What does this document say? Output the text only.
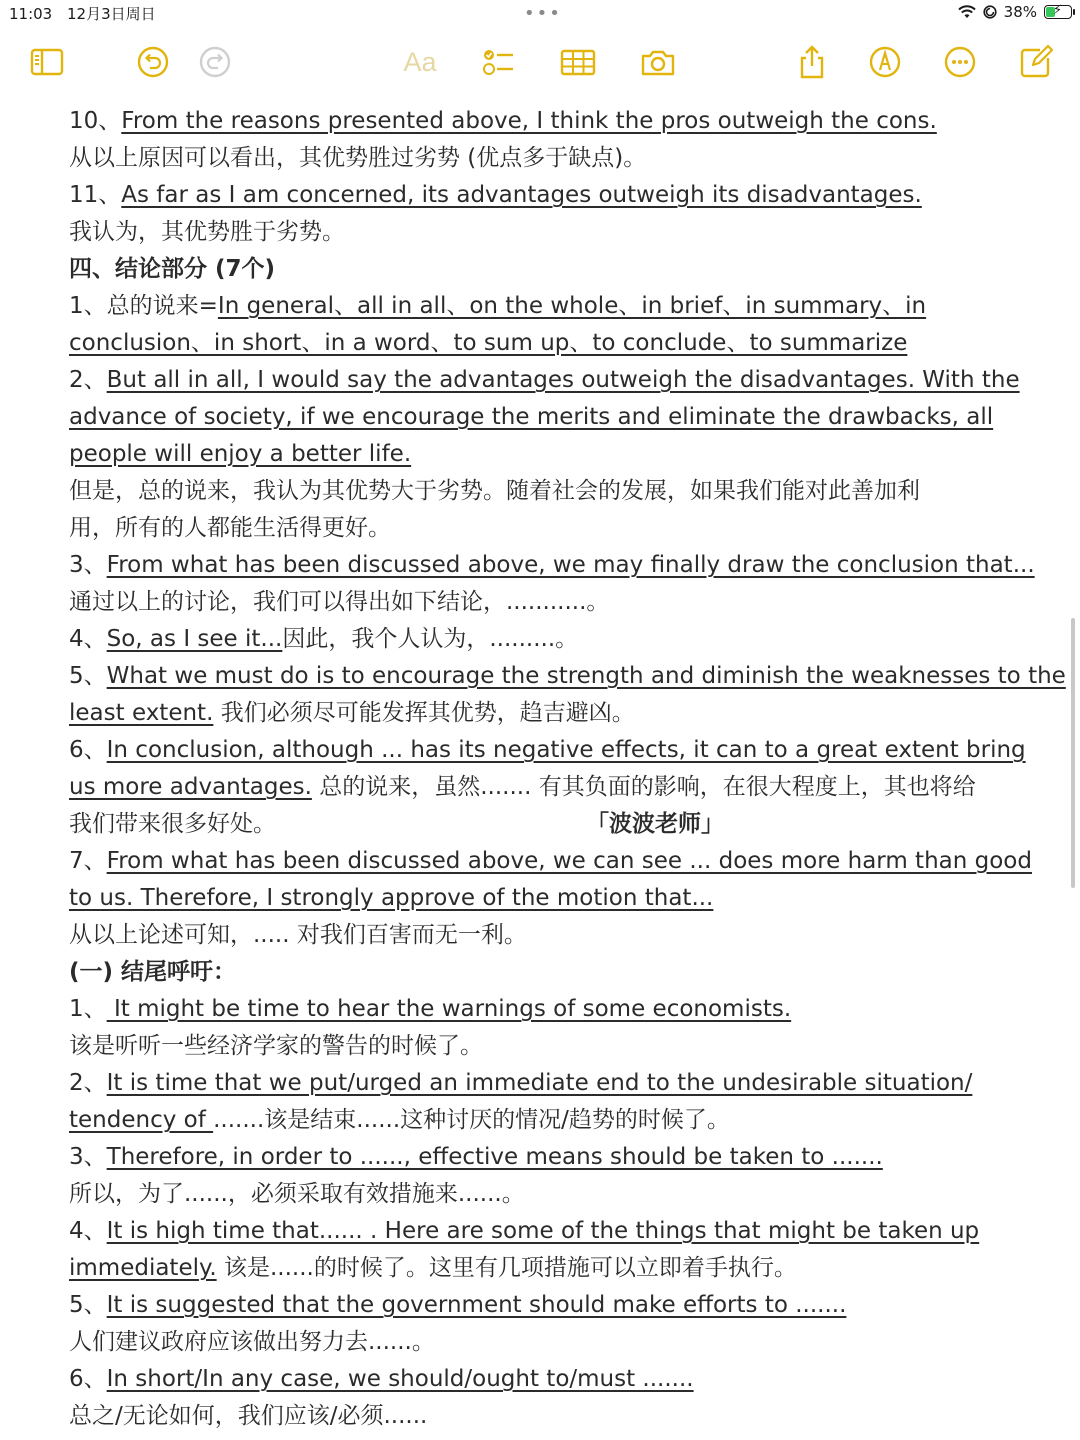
11:03 12月3日周日	•••	38% ⚡
Aa
10、From the reasons presented above, I think the pros outweigh the cons.
从以上原因可以看出，其优势胜过劣势 (优点多于缺点)。
11、As far as I am concerned, its advantages outweigh its disadvantages.
我认为，其优势胜于劣势。
四、结论部分 (7个)
1、总的说来=In general、all in all、on the whole、in brief、in summary、in
conclusion、in short、in a word、to sum up、to conclude、to summarize
2、But all in all, I would say the advantages outweigh the disadvantages. With the
advance of society, if we encourage the merits and eliminate the drawbacks, all
people will enjoy a better life.
但是，总的说来，我认为其优势大于劣势。随着社会的发展，如果我们能对此善加利
用，所有的人都能生活得更好。
3、From what has been discussed above, we may finally draw the conclusion that...
通过以上的讨论，我们可以得出如下结论，...........。
4、So, as I see it...因此，我个人认为，.........。
5、What we must do is to encourage the strength and diminish the weaknesses to the
least extent. 我们必须尽可能发挥其优势，趋吉避凶。
6、In conclusion, although ... has its negative effects, it can to a great extent bring
us more advantages. 总的说来，虽然....... 有其负面的影响，在很大程度上，其也将给
我们带来很多好处。	「波波老师」
7、From what has been discussed above, we can see ... does more harm than good
to us. Therefore, I strongly approve of the motion that...
从以上论述可知，..... 对我们百害而无一利。
(一) 结尾呼吁：
1、 It might be time to hear the warnings of some economists.
该是听听一些经济学家的警告的时候了。
2、It is time that we put/urged an immediate end to the undesirable situation/
tendency of .......该是结束......这种讨厌的情况/趋势的时候了。
3、Therefore, in order to ......, effective means should be taken to .......
所以，为了......，必须采取有效措施来......。
4、It is high time that...... . Here are some of the things that might be taken up
immediately. 该是......的时候了。这里有几项措施可以立即着手执行。
5、It is suggested that the government should make efforts to .......
人们建议政府应该做出努力去......。
6、In short/In any case, we should/ought to/must .......
总之/无论如何，我们应该/必须......
